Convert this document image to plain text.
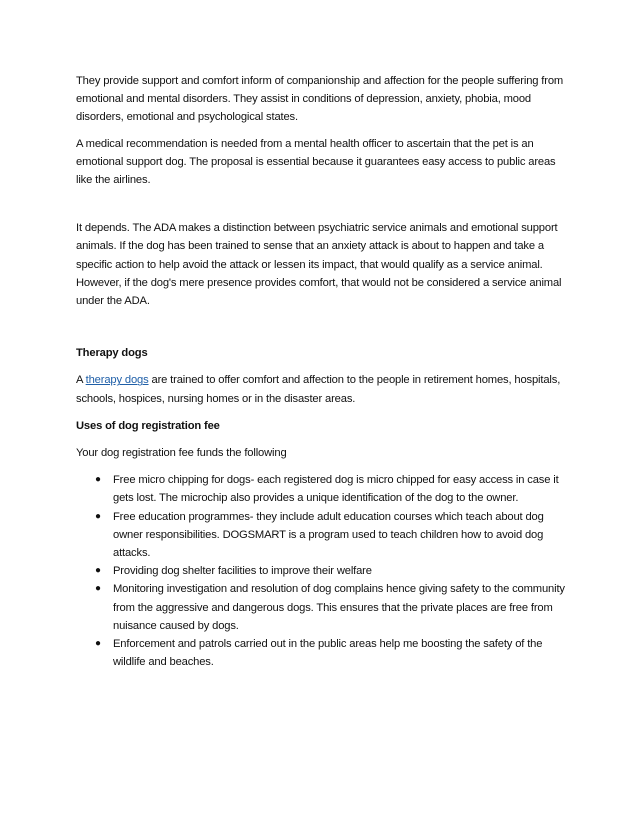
They provide support and comfort inform of companionship and affection for the people suffering from emotional and mental disorders. They assist in conditions of depression, anxiety, phobia, mood disorders, emotional and psychological states.

A medical recommendation is needed from a mental health officer to ascertain that the pet is an emotional support dog. The proposal is essential because it guarantees easy access to public areas like the airlines.

It depends. The ADA makes a distinction between psychiatric service animals and emotional support animals. If the dog has been trained to sense that an anxiety attack is about to happen and take a specific action to help avoid the attack or lessen its impact, that would qualify as a service animal. However, if the dog's mere presence provides comfort, that would not be considered a service animal under the ADA.

Therapy dogs

A therapy dogs are trained to offer comfort and affection to the people in retirement homes, hospitals, schools, hospices, nursing homes or in the disaster areas.

Uses of dog registration fee

Your dog registration fee funds the following

● Free micro chipping for dogs- each registered dog is micro chipped for easy access in case it gets lost. The microchip also provides a unique identification of the dog to the owner.
● Free education programmes- they include adult education courses which teach about dog owner responsibilities. DOGSMART is a program used to teach children how to avoid dog attacks.
● Providing dog shelter facilities to improve their welfare
● Monitoring investigation and resolution of dog complains hence giving safety to the community from the aggressive and dangerous dogs. This ensures that the private places are free from nuisance caused by dogs.
● Enforcement and patrols carried out in the public areas help me boosting the safety of the wildlife and beaches.
